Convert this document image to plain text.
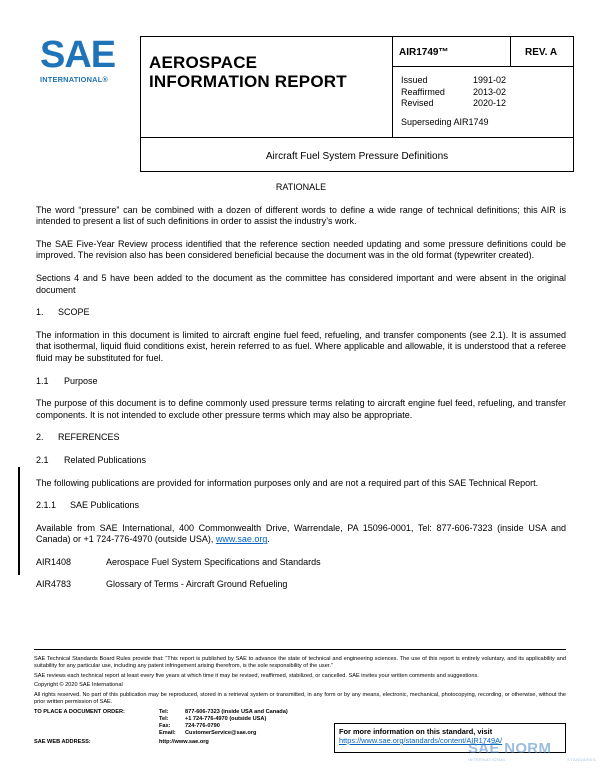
SAE
INTERNATIONAL®
AEROSPACE
INFORMATION REPORT
AIR1749™	REV. A
Issued	1991-02
Reaffirmed	2013-02
Revised	2020-12
Superseding AIR1749
Aircraft Fuel System Pressure Definitions

RATIONALE

The word “pressure” can be combined with a dozen of different words to define a wide range of technical definitions; this AIR is intended to present a list of such definitions in order to assist the industry’s work.

The SAE Five-Year Review process identified that the reference section needed updating and some pressure definitions could be improved. The revision also has been considered beneficial because the document was in the old format (typewriter created).

Sections 4 and 5 have been added to the document as the committee has considered important and were absent in the original document

1. SCOPE

The information in this document is limited to aircraft engine fuel feed, refueling, and transfer components (see 2.1). It is assumed that isothermal, liquid fluid conditions exist, herein referred to as fuel. Where applicable and allowable, it is understood that a referee fluid may be substituted for fuel.

1.1 Purpose

The purpose of this document is to define commonly used pressure terms relating to aircraft engine fuel feed, refueling, and transfer components. It is not intended to exclude other pressure terms which may also be appropriate.

2. REFERENCES
2.1 Related Publications

The following publications are provided for information purposes only and are not a required part of this SAE Technical Report.

2.1.1 SAE Publications

Available from SAE International, 400 Commonwealth Drive, Warrendale, PA 15096-0001, Tel: 877-606-7323 (inside USA and Canada) or +1 724-776-4970 (outside USA), www.sae.org.

AIR1408	Aerospace Fuel System Specifications and Standards
AIR4783	Glossary of Terms - Aircraft Ground Refueling

SAE Technical Standards Board Rules provide that: “This report is published by SAE to advance the state of technical and engineering sciences. The use of this report is entirely voluntary, and its applicability and suitability for any particular use, including any patent infringement arising therefrom, is the sole responsibility of the user.”

SAE reviews each technical report at least every five years at which time it may be revised, reaffirmed, stabilized, or cancelled. SAE invites your written comments and suggestions.

Copyright © 2020 SAE International

All rights reserved. No part of this publication may be reproduced, stored in a retrieval system or transmitted, in any form or by any means, electronic, mechanical, photocopying, recording, or otherwise, without the prior written permission of SAE.

TO PLACE A DOCUMENT ORDER:	Tel:	877-606-7323 (inside USA and Canada)
Tel:	+1 724-776-4970 (outside USA)
Fax:	724-776-0790
Email:	CustomerService@sae.org
SAE WEB ADDRESS:	http://www.sae.org
For more information on this standard, visit
https://www.sae.org/standards/content/AIR1749A/
SAE NORM
INTERNATIONAL	STANDARDS
